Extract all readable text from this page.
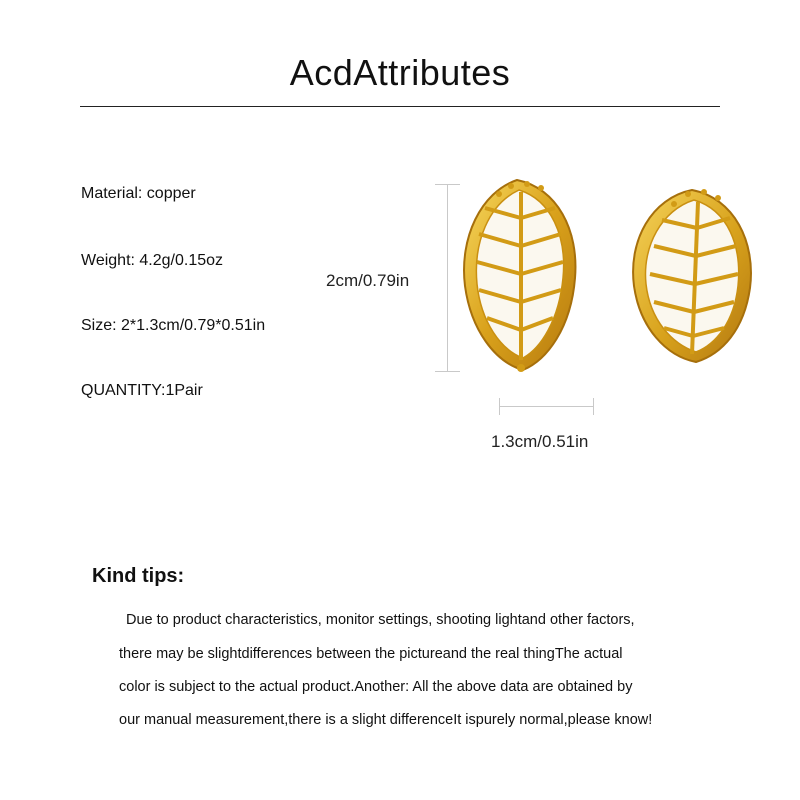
AcdAttributes
Material: copper
Weight: 4.2g/0.15oz
Size: 2*1.3cm/0.79*0.51in
QUANTITY:1Pair
2cm/0.79in
1.3cm/0.51in
Kind tips:
Due to product characteristics, monitor settings, shooting lightand other factors,
there may be slightdifferences between the pictureand the real thingThe actual
color is subject to the actual product.Another: All the above data are obtained by
our manual measurement,there is a slight differenceIt ispurely normal,please know!
